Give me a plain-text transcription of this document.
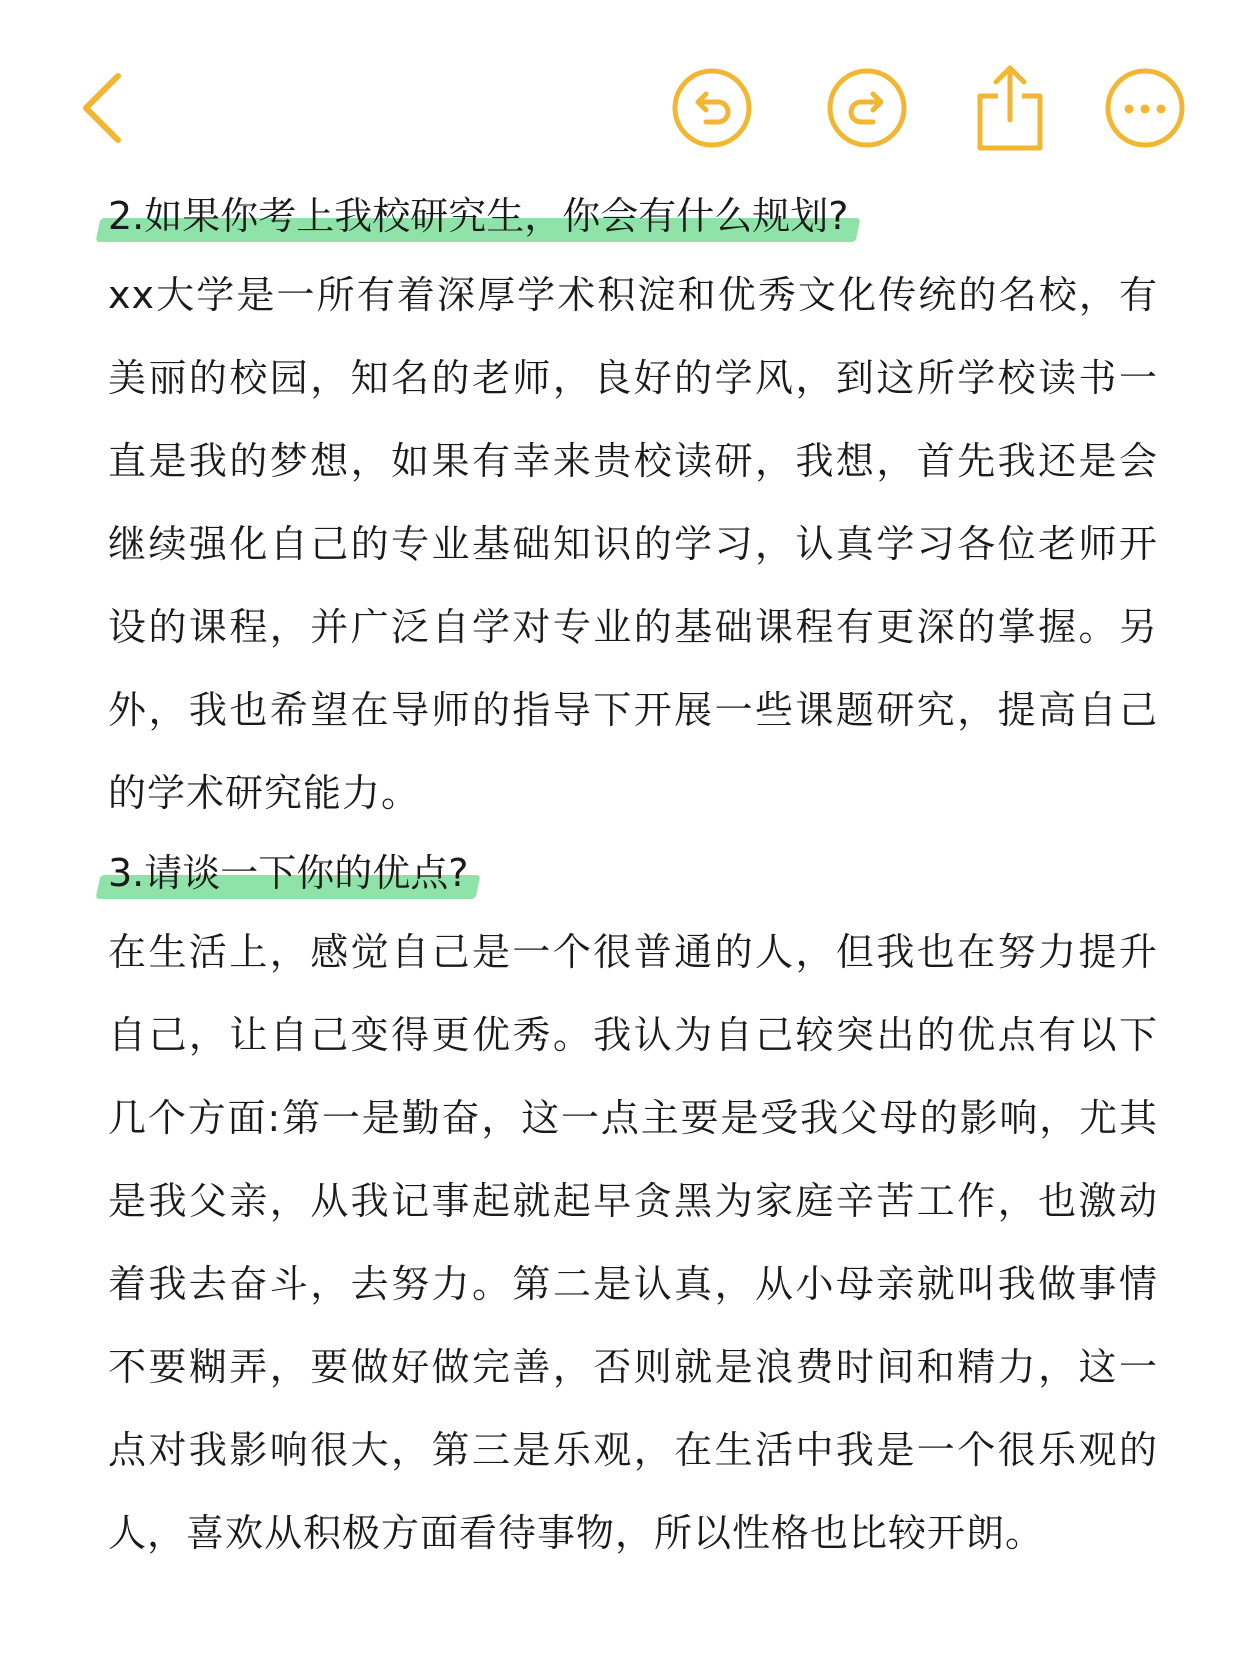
2.如果你考上我校研究生，你会有什么规划?

xx大学是一所有着深厚学术积淀和优秀文化传统的名校，有美丽的校园，知名的老师，良好的学风，到这所学校读书一直是我的梦想，如果有幸来贵校读研，我想，首先我还是会继续强化自己的专业基础知识的学习，认真学习各位老师开设的课程，并广泛自学对专业的基础课程有更深的掌握。另外，我也希望在导师的指导下开展一些课题研究，提高自己的学术研究能力。

3.请谈一下你的优点?

在生活上，感觉自己是一个很普通的人，但我也在努力提升自己，让自己变得更优秀。我认为自己较突出的优点有以下几个方面:第一是勤奋，这一点主要是受我父母的影响，尤其是我父亲，从我记事起就起早贪黑为家庭辛苦工作，也激动着我去奋斗，去努力。第二是认真，从小母亲就叫我做事情不要糊弄，要做好做完善，否则就是浪费时间和精力，这一点对我影响很大，第三是乐观，在生活中我是一个很乐观的人，喜欢从积极方面看待事物，所以性格也比较开朗。
